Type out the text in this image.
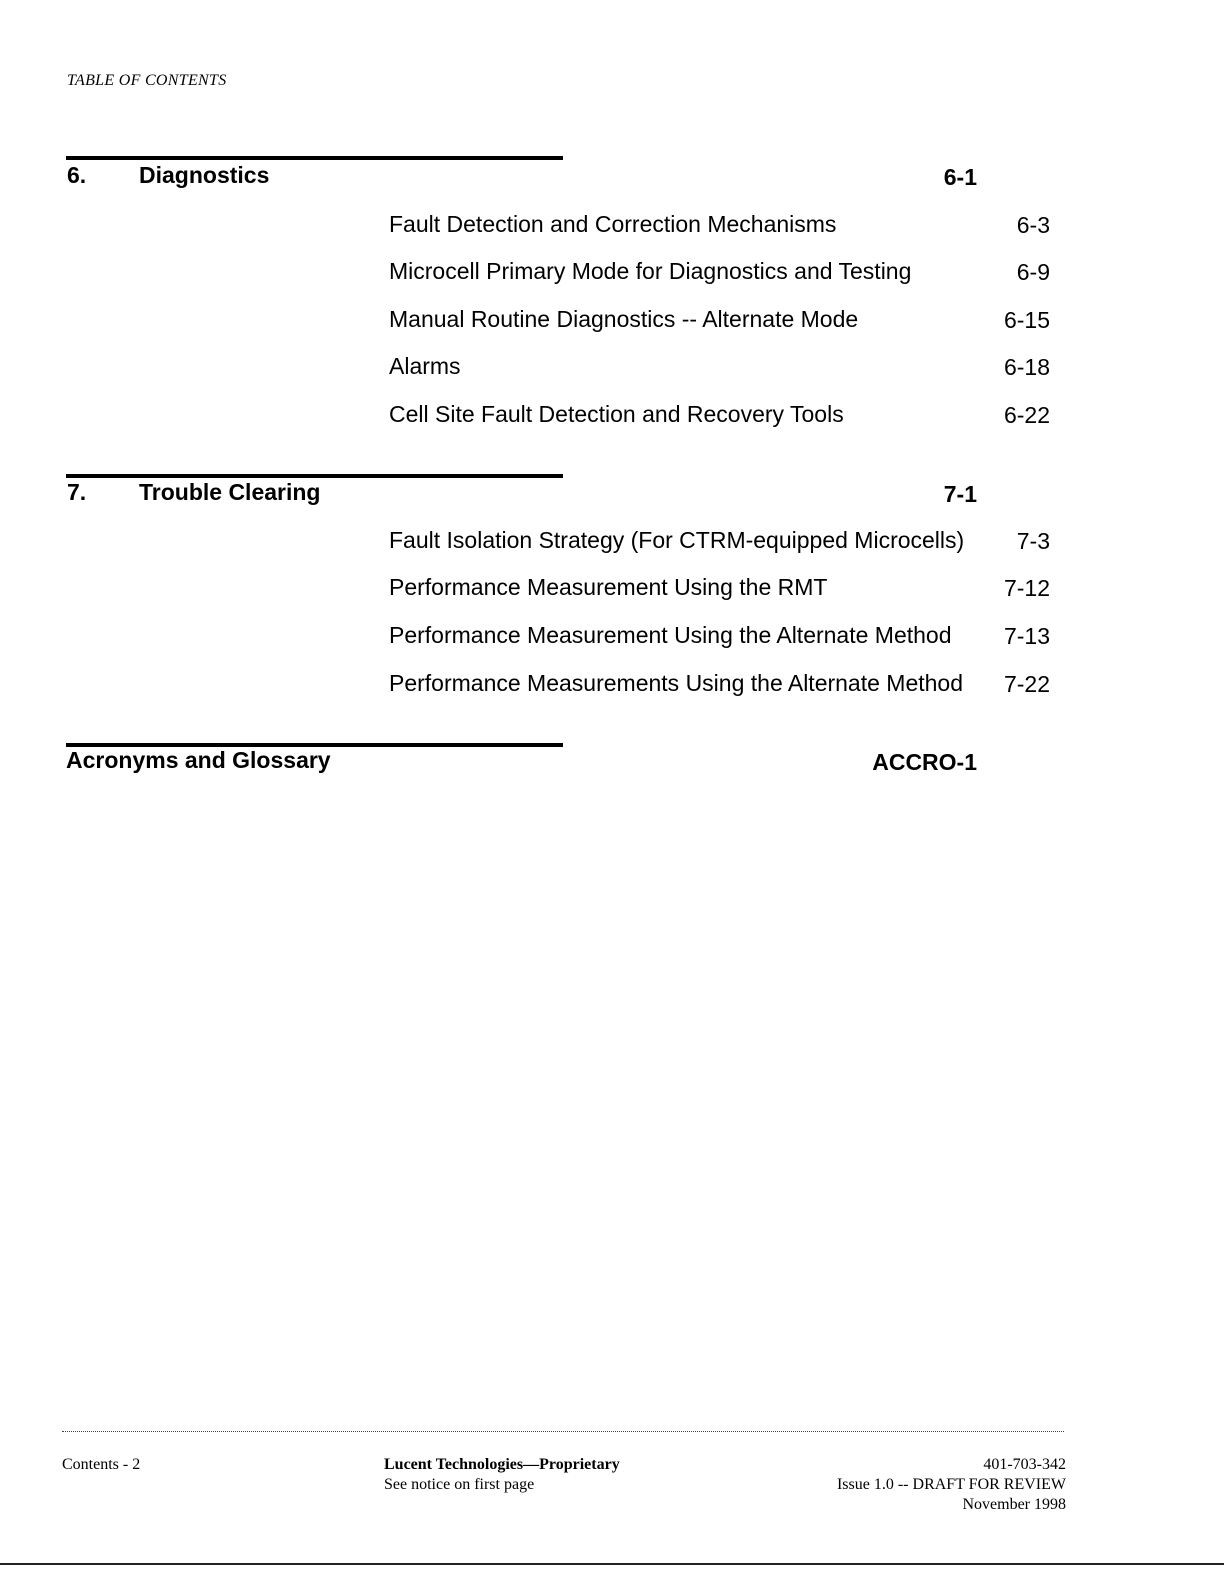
TABLE OF CONTENTS
6. Diagnostics	6-1
Fault Detection and Correction Mechanisms	6-3
Microcell Primary Mode for Diagnostics and Testing	6-9
Manual Routine Diagnostics -- Alternate Mode	6-15
Alarms	6-18
Cell Site Fault Detection and Recovery Tools	6-22
7. Trouble Clearing	7-1
Fault Isolation Strategy (For CTRM-equipped Microcells) 7-3
Performance Measurement Using the RMT	7-12
Performance Measurement Using the Alternate Method 7-13
Performance Measurements Using the Alternate Method 7-22
Acronyms and Glossary	ACCRO-1
Contents - 2	Lucent Technologies—Proprietary
See notice on first page
401-703-342
Issue 1.0 -- DRAFT FOR REVIEW
November 1998
